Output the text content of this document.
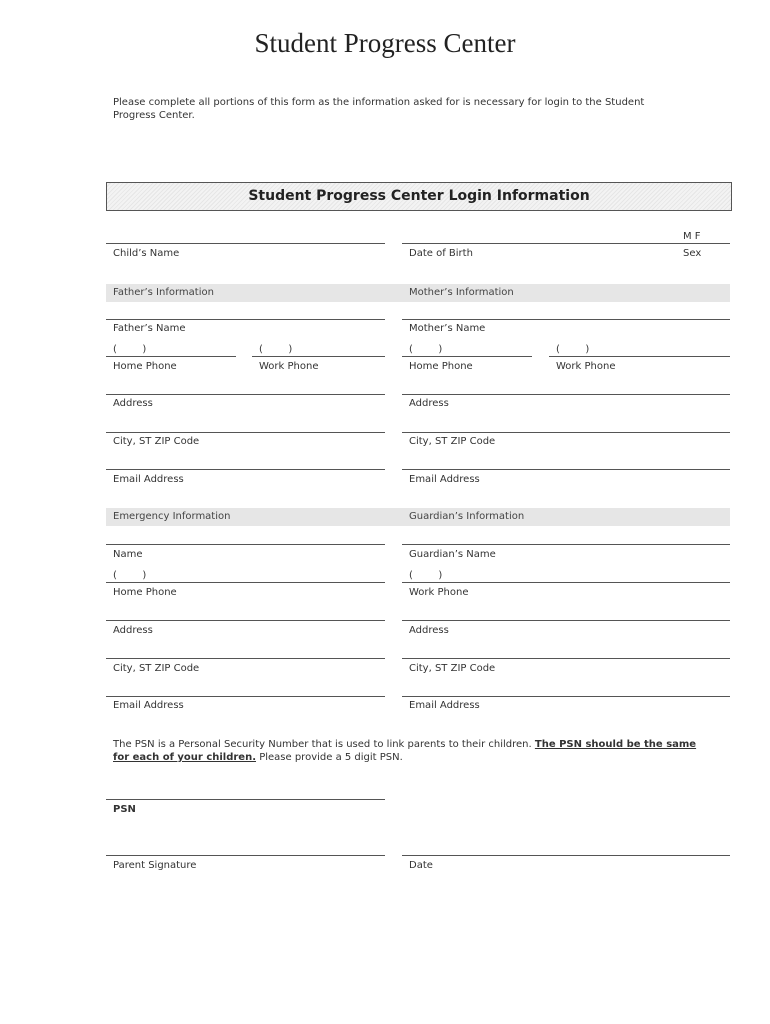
Student Progress Center
Please complete all portions of this form as the information asked for is necessary for login to the Student Progress Center.
Student Progress Center Login Information
M F
Child’s Name	Date of Birth	Sex
Father’s Information	Mother’s Information
Father’s Name	Mother’s Name
(        )	(        )	(        )	(        )
Home Phone	Work Phone	Home Phone	Work Phone
Address	Address
City, ST ZIP Code	City, ST ZIP Code
Email Address	Email Address
Emergency Information	Guardian’s Information
Name	Guardian’s Name
(        )	(        )
Home Phone	Work Phone
Address	Address
City, ST ZIP Code	City, ST ZIP Code
Email Address	Email Address
The PSN is a Personal Security Number that is used to link parents to their children. The PSN should be the same for each of your children. Please provide a 5 digit PSN.
PSN
Parent Signature	Date
